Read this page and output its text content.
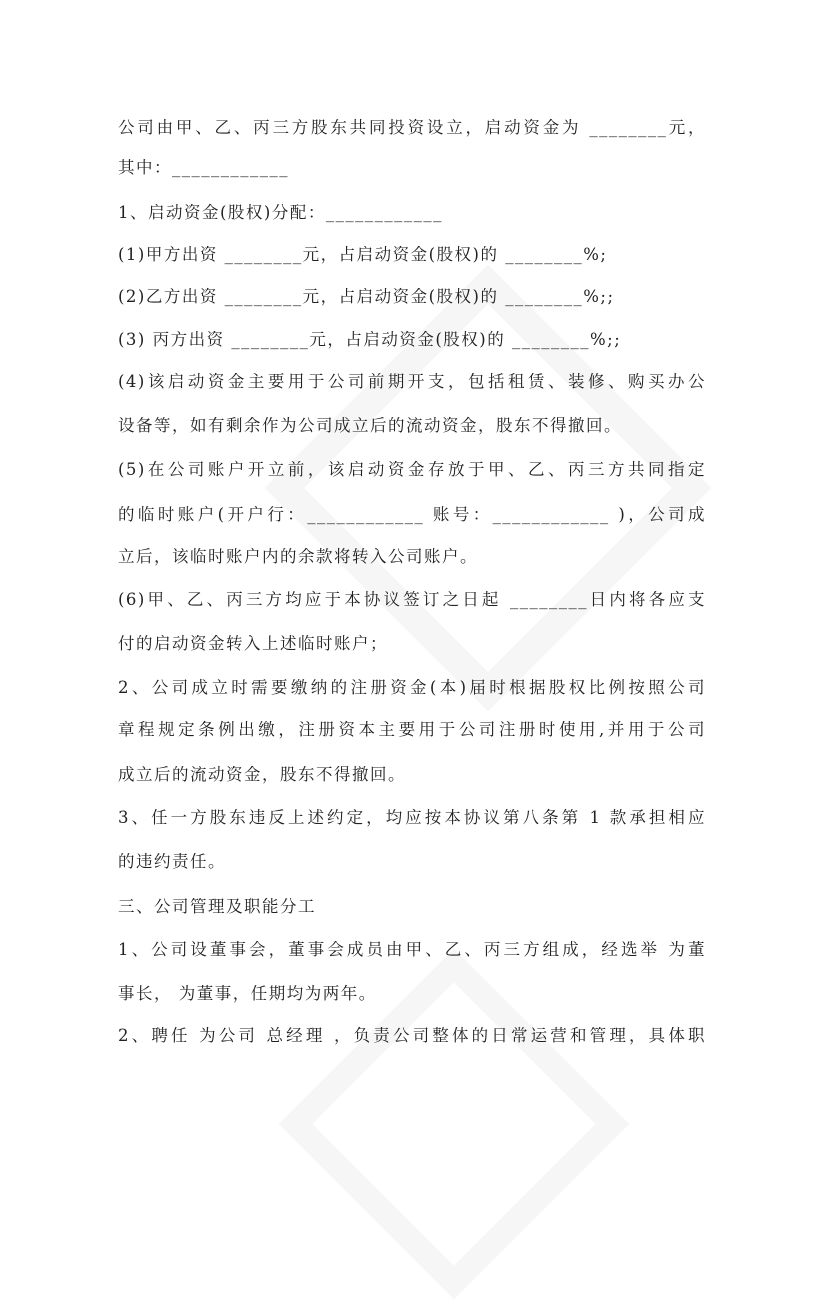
公司由甲、乙、丙三方股东共同投资设立，启动资金为 ________元，
其中：____________
1、启动资金(股权)分配：____________
(1)甲方出资 ________元，占启动资金(股权)的 ________%;
(2)乙方出资 ________元，占启动资金(股权)的 ________%;;
(3) 丙方出资 ________元，占启动资金(股权)的 ________%;;
(4)该启动资金主要用于公司前期开支，包括租赁、装修、购买办公
设备等，如有剩余作为公司成立后的流动资金，股东不得撤回。
(5)在公司账户开立前，该启动资金存放于甲、乙、丙三方共同指定
的临时账户(开户行：____________ 账号：____________ )，公司成
立后，该临时账户内的余款将转入公司账户。
(6)甲、乙、丙三方均应于本协议签订之日起 ________日内将各应支
付的启动资金转入上述临时账户；
2、公司成立时需要缴纳的注册资金(本)届时根据股权比例按照公司
章程规定条例出缴，注册资本主要用于公司注册时使用,并用于公司
成立后的流动资金，股东不得撤回。
3、任一方股东违反上述约定，均应按本协议第八条第 1 款承担相应
的违约责任。
三、公司管理及职能分工
1、公司设董事会，董事会成员由甲、乙、丙三方组成，经选举 为董
事长， 为董事，任期均为两年。
2、聘任 为公司 总经理 ，负责公司整体的日常运营和管理，具体职
